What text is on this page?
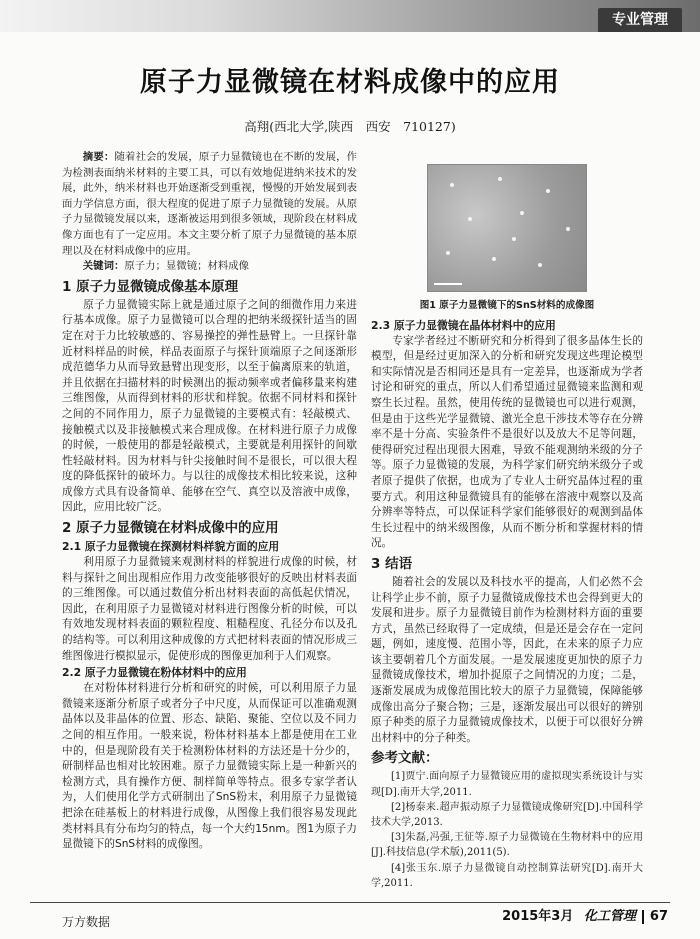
专业管理
原子力显微镜在材料成像中的应用
高翔(西北大学,陕西　西安　710127)

摘要：随着社会的发展，原子力显微镜也在不断的发展，作为检测表面纳米材料的主要工具，可以有效地促进纳米技术的发展，此外，纳米材料也开始逐渐受到重视，慢慢的开始发展到表面力学信息方面，很大程度的促进了原子力显微镜的发展。从原子力显微镜发展以来，逐渐被运用到很多领域，现阶段在材料成像方面也有了一定应用。本文主要分析了原子力显微镜的基本原理以及在材料成像中的应用。

关键词：原子力；显微镜；材料成像

1 原子力显微镜成像基本原理

原子力显微镜实际上就是通过原子之间的细微作用力来进行基本成像。原子力显微镜可以合理的把纳米级探针适当的固定在对于力比较敏感的、容易操控的弹性悬臂上。一旦探针靠近材料样品的时候，样品表面原子与探针顶端原子之间逐渐形成范德华力从而导致悬臂出现变形，以至于偏离原来的轨道，并且依据在扫描材料的时候测出的振动频率或者偏移量来构建三维图像，从而得到材料的形状和样貌。依据不同材料和探针之间的不同作用力，原子力显微镜的主要模式有：轻敲模式、接触模式以及非接触模式来合理成像。在材料进行原子力成像的时候，一般使用的都是轻敲模式，主要就是利用探针的间歇性轻敲材料。因为材料与针尖接触时间不是很长，可以很大程度的降低探针的破坏力。与以往的成像技术相比较来说，这种成像方式具有设备简单、能够在空气、真空以及溶液中成像，因此，应用比较广泛。

2 原子力显微镜在材料成像中的应用
2.1 原子力显微镜在探测材料样貌方面的应用

利用原子力显微镜来观测材料的样貌进行成像的时候，材料与探针之间出现相应作用力改变能够很好的反映出材料表面的三维图像。可以通过数值分析出材料表面的高低起伏情况，因此，在利用原子力显微镜对材料进行图像分析的时候，可以有效地发现材料表面的颗粒程度、粗糙程度、孔径分布以及孔的结构等。可以利用这种成像的方式把材料表面的情况形成三维图像进行模拟显示，促使形成的图像更加利于人们观察。

2.2 原子力显微镜在粉体材料中的应用

在对粉体材料进行分析和研究的时候，可以利用原子力显微镜来逐渐分析原子或者分子中尺度，从而保证可以准确观测晶体以及非晶体的位置、形态、缺陷、聚能、空位以及不同力之间的相互作用。一般来说，粉体材料基本上都是使用在工业中的，但是现阶段有关于检测粉体材料的方法还是十分少的，研制样品也相对比较困难。原子力显微镜实际上是一种新兴的检测方式，具有操作方便、制样简单等特点。很多专家学者认为，人们使用化学方式研制出了SnS粉末，利用原子力显微镜把涂在硅基板上的材料进行成像，从图像上我们很容易发现此类材料具有分布均匀的特点，每一个大约15nm。图1为原子力显微镜下的SnS材料的成像图。

图1 原子力显微镜下的SnS材料的成像图
2.3 原子力显微镜在晶体材料中的应用

专家学者经过不断研究和分析得到了很多晶体生长的模型，但是经过更加深入的分析和研究发现这些理论模型和实际情况是否相同还是具有一定差异，也逐渐成为学者讨论和研究的重点，所以人们希望通过显微镜来监测和观察生长过程。虽然，使用传统的显微镜也可以进行观测，但是由于这些光学显微镜、激光全息干涉技术等存在分辨率不是十分高、实验条件不是很好以及放大不足等问题，使得研究过程出现很大困难，导致不能观测纳米级的分子等。原子力显微镜的发展，为科学家们研究纳米级分子或者原子提供了依据，也成为了专业人士研究晶体过程的重要方式。利用这种显微镜具有的能够在溶液中观察以及高分辨率等特点，可以保证科学家们能够很好的观测到晶体生长过程中的纳米级图像，从而不断分析和掌握材料的情况。

3 结语

随着社会的发展以及科技水平的提高，人们必然不会让科学止步不前，原子力显微镜成像技术也会得到更大的发展和进步。原子力显微镜目前作为检测材料方面的重要方式，虽然已经取得了一定成绩，但是还是会存在一定问题，例如，速度慢、范围小等，因此，在未来的原子力应该主要朝着几个方面发展。一是发展速度更加快的原子力显微镜成像技术，增加扑捉原子之间情况的力度；二是，逐渐发展成为成像范围比较大的原子力显微镜，保障能够成像出高分子聚合物；三是，逐渐发展出可以很好的辨别原子种类的原子力显微镜成像技术，以便于可以很好分辨出材料中的分子种类。

参考文献：

[1]贾宁.面向原子力显微镜应用的虚拟现实系统设计与实现[D].南开大学,2011.

[2]杨泰来.超声振动原子力显微镜成像研究[D].中国科学技术大学,2013.

[3]朱磊,冯强,王征等.原子力显微镜在生物材料中的应用[J].科技信息(学术版),2011(5).

[4]张玉东.原子力显微镜自动控制算法研究[D].南开大学,2011.

万方数据	2015年3月 化工管理 67
